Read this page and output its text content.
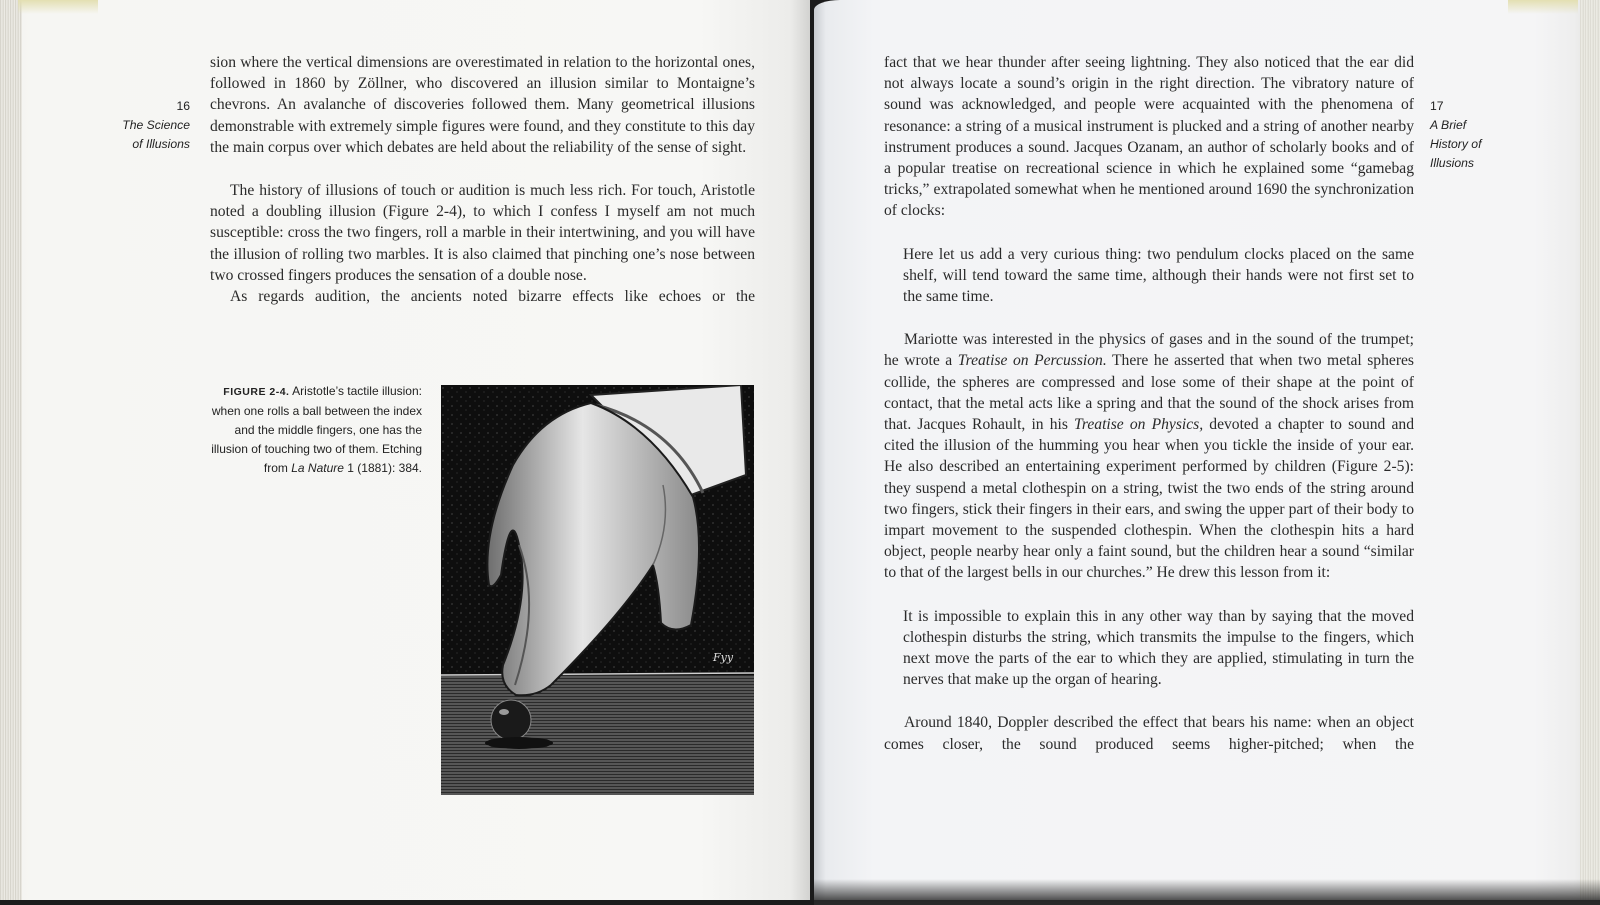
16
The Science of Illusions

sion where the vertical dimensions are overestimated in relation to the horizontal ones, followed in 1860 by Zöllner, who discovered an illusion similar to Montaigne’s chevrons. An avalanche of discoveries followed them. Many geometrical illusions demonstrable with extremely simple figures were found, and they constitute to this day the main corpus over which debates are held about the reliability of the sense of sight.

The history of illusions of touch or audition is much less rich. For touch, Aristotle noted a doubling illusion (Figure 2-4), to which I confess I myself am not much susceptible: cross the two fingers, roll a marble in their intertwining, and you will have the illusion of rolling two marbles. It is also claimed that pinching one’s nose between two crossed fingers produces the sensation of a double nose.

As regards audition, the ancients noted bizarre effects like echoes or the

FIGURE 2-4. Aristotle’s tactile illusion: when one rolls a ball between the index and the middle fingers, one has the illusion of touching two of them. Etching from La Nature 1 (1881): 384.
Fyy
17
A Brief
History of
Illusions

fact that we hear thunder after seeing lightning. They also noticed that the ear did not always locate a sound’s origin in the right direction. The vibratory nature of sound was acknowledged, and people were acquainted with the phenomena of resonance: a string of a musical instrument is plucked and a string of another nearby instrument produces a sound. Jacques Ozanam, an author of scholarly books and of a popular treatise on recreational science in which he explained some “gamebag tricks,” extrapolated somewhat when he mentioned around 1690 the synchronization of clocks:

Here let us add a very curious thing: two pendulum clocks placed on the same shelf, will tend toward the same time, although their hands were not first set to the same time.

Mariotte was interested in the physics of gases and in the sound of the trumpet; he wrote a Treatise on Percussion. There he asserted that when two metal spheres collide, the spheres are compressed and lose some of their shape at the point of contact, that the metal acts like a spring and that the sound of the shock arises from that. Jacques Rohault, in his Treatise on Physics, devoted a chapter to sound and cited the illusion of the humming you hear when you tickle the inside of your ear. He also described an entertaining experiment performed by children (Figure 2-5): they suspend a metal clothespin on a string, twist the two ends of the string around two fingers, stick their fingers in their ears, and swing the upper part of their body to impart movement to the suspended clothespin. When the clothespin hits a hard object, people nearby hear only a faint sound, but the children hear a sound “similar to that of the largest bells in our churches.” He drew this lesson from it:

It is impossible to explain this in any other way than by saying that the moved clothespin disturbs the string, which transmits the impulse to the fingers, which next move the parts of the ear to which they are applied, stimulating in turn the nerves that make up the organ of hearing.

Around 1840, Doppler described the effect that bears his name: when an object comes closer, the sound produced seems higher-pitched; when the
